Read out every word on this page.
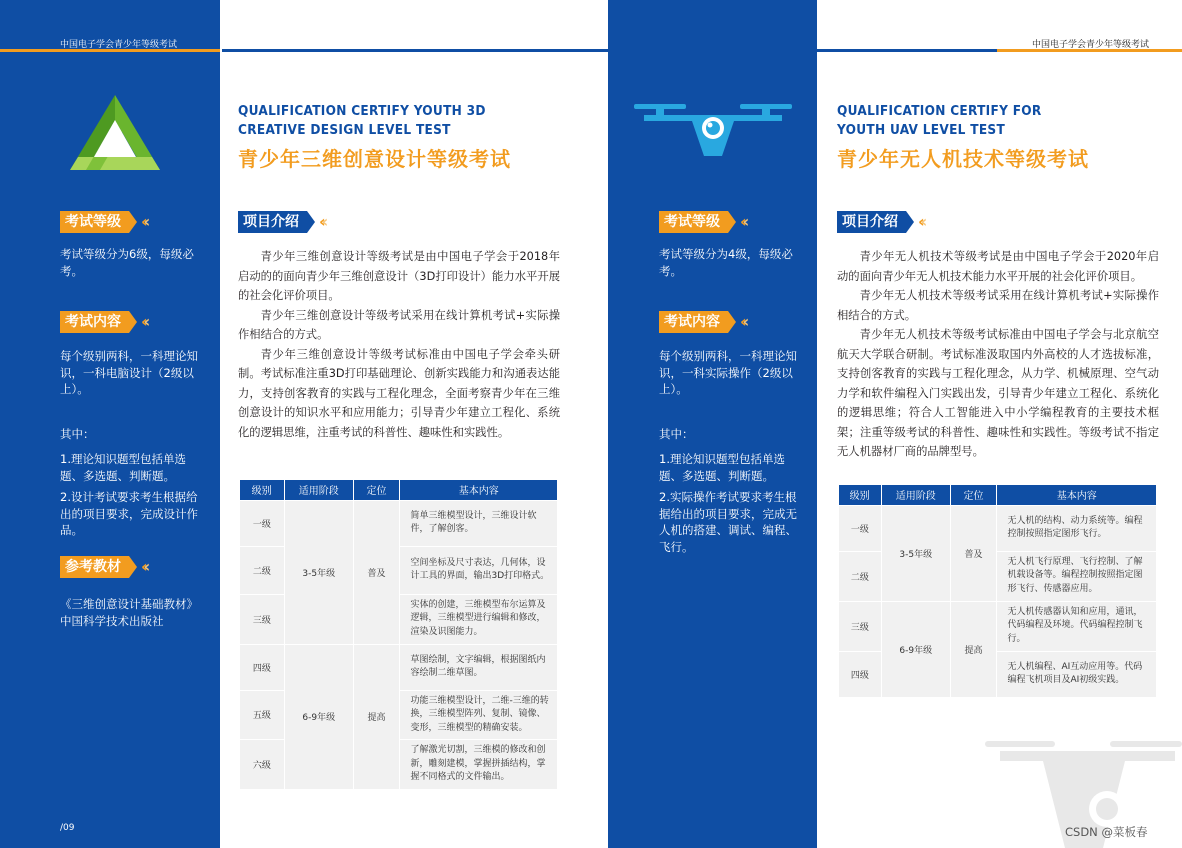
中国电子学会青少年等级考试
QUALIFICATION CERTIFY YOUTH 3D
CREATIVE DESIGN LEVEL TEST
青少年三维创意设计等级考试
考试等级	‹‹
考试等级分为6级，每级必考。
考试内容	‹‹
每个级别两科，一科理论知识，一科电脑设计（2级以上）。
其中：
1.理论知识题型包括单选题、多选题、判断题。
2.设计考试要求考生根据给出的项目要求，完成设计作品。
参考教材	‹‹
《三维创意设计基础教材》中国科学技术出版社
/09
项目介绍	‹‹

青少年三维创意设计等级考试是由中国电子学会于2018年启动的的面向青少年三维创意设计（3D打印设计）能力水平开展的社会化评价项目。

青少年三维创意设计等级考试采用在线计算机考试+实际操作相结合的方式。

青少年三维创意设计等级考试标准由中国电子学会牵头研制。考试标准注重3D打印基础理论、创新实践能力和沟通表达能力，支持创客教育的实践与工程化理念，全面考察青少年在三维创意设计的知识水平和应用能力；引导青少年建立工程化、系统化的逻辑思维，注重考试的科普性、趣味性和实践性。

级别	适用阶段	定位	基本内容
一级	3-5年级	普及	简单三维模型设计，三维设计软件，了解创客。
二级			空间坐标及尺寸表达，几何体，设计工具的界面，输出3D打印格式。
三级			实体的创建，三维模型布尔运算及逻辑，三维模型进行编辑和修改，渲染及识图能力。
四级	6-9年级	提高	草图绘制，文字编辑，根据图纸内容绘制二维草图。
五级			功能三维模型设计，二维-三维的转换，三维模型阵列、复制、镜像、变形，三维模型的精确安装。
六级			了解激光切割，三维模的修改和创新，雕刻建模，掌握拼插结构，掌握不同格式的文件输出。
中国电子学会青少年等级考试
QUALIFICATION CERTIFY FOR
YOUTH UAV LEVEL TEST
青少年无人机技术等级考试
考试等级	‹‹
考试等级分为4级，每级必考。
考试内容	‹‹
每个级别两科，一科理论知识，一科实际操作（2级以上）。
其中：
1.理论知识题型包括单选题、多选题、判断题。
2.实际操作考试要求考生根据给出的项目要求，完成无人机的搭建、调试、编程、飞行。
项目介绍	‹‹

青少年无人机技术等级考试是由中国电子学会于2020年启动的面向青少年无人机技术能力水平开展的社会化评价项目。

青少年无人机技术等级考试采用在线计算机考试+实际操作相结合的方式。

青少年无人机技术等级考试标准由中国电子学会与北京航空航天大学联合研制。考试标准汲取国内外高校的人才选拔标准，支持创客教育的实践与工程化理念，从力学、机械原理、空气动力学和软件编程入门实践出发，引导青少年建立工程化、系统化的逻辑思维；符合人工智能进入中小学编程教育的主要技术框架；注重等级考试的科普性、趣味性和实践性。等级考试不指定无人机器材厂商的品牌型号。

级别	适用阶段	定位	基本内容
一级	3-5年级	普及	无人机的结构、动力系统等。编程控制按照指定图形飞行。
二级			无人机飞行原理、飞行控制、了解机载设备等。编程控制按照指定图形飞行、传感器应用。
三级	6-9年级	提高	无人机传感器认知和应用，通讯，代码编程及环境。代码编程控制飞行。
四级			无人机编程、AI互动应用等。代码编程飞机项目及AI初级实践。
CSDN @菜板春
